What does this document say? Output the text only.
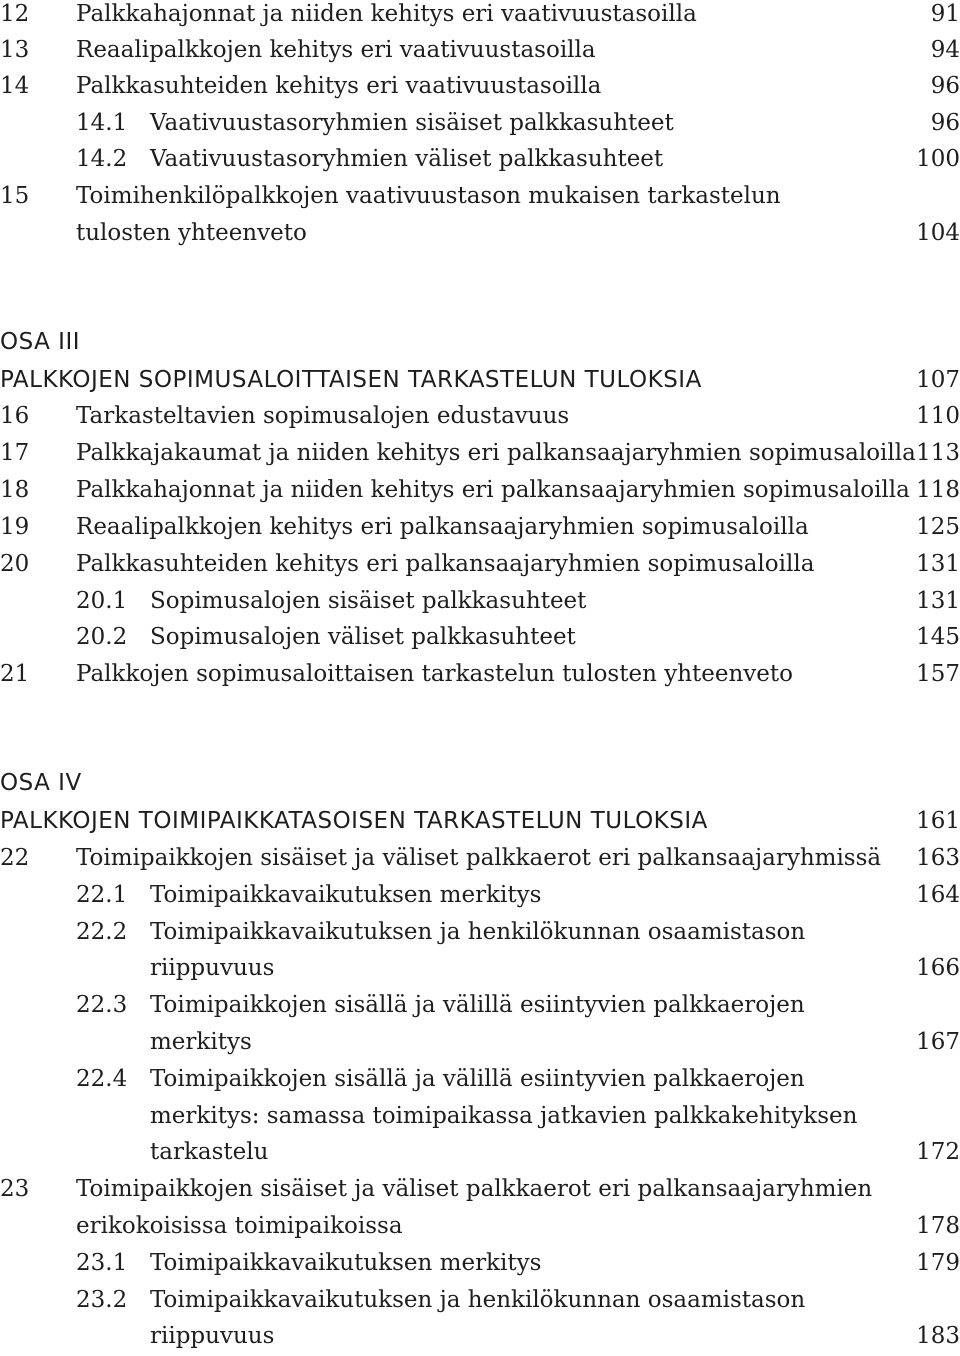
12 Palkkahajonnat ja niiden kehitys eri vaativuustasoilla	91
13 Reaalipalkkojen kehitys eri vaativuustasoilla	94
14 Palkkasuhteiden kehitys eri vaativuustasoilla	96
14.1 Vaativuustasoryhmien sisäiset palkkasuhteet	96
14.2 Vaativuustasoryhmien väliset palkkasuhteet	100
15 Toimihenkilöpalkkojen vaativuustason mukaisen tarkastelun
tulosten yhteenveto	104
OSA III
PALKKOJEN SOPIMUSALOITTAISEN TARKASTELUN TULOKSIA	107
16 Tarkasteltavien sopimusalojen edustavuus	110
17 Palkkajakaumat ja niiden kehitys eri palkansaajaryhmien sopimusaloilla 113
18 Palkkahajonnat ja niiden kehitys eri palkansaajaryhmien sopimusaloilla 118
19 Reaalipalkkojen kehitys eri palkansaajaryhmien sopimusaloilla	125
20 Palkkasuhteiden kehitys eri palkansaajaryhmien sopimusaloilla	131
20.1 Sopimusalojen sisäiset palkkasuhteet	131
20.2 Sopimusalojen väliset palkkasuhteet	145
21 Palkkojen sopimusaloittaisen tarkastelun tulosten yhteenveto	157
OSA IV
PALKKOJEN TOIMIPAIKKATASOISEN TARKASTELUN TULOKSIA	161
22 Toimipaikkojen sisäiset ja väliset palkkaerot eri palkansaajaryhmissä 163
22.1 Toimipaikkavaikutuksen merkitys	164
22.2 Toimipaikkavaikutuksen ja henkilökunnan osaamistason
riippuvuus	166
22.3 Toimipaikkojen sisällä ja välillä esiintyvien palkkaerojen
merkitys	167
22.4 Toimipaikkojen sisällä ja välillä esiintyvien palkkaerojen
merkitys: samassa toimipaikassa jatkavien palkkakehityksen
tarkastelu	172
23 Toimipaikkojen sisäiset ja väliset palkkaerot eri palkansaajaryhmien
erikokoisissa toimipaikoissa	178
23.1 Toimipaikkavaikutuksen merkitys	179
23.2 Toimipaikkavaikutuksen ja henkilökunnan osaamistason
riippuvuus	183
